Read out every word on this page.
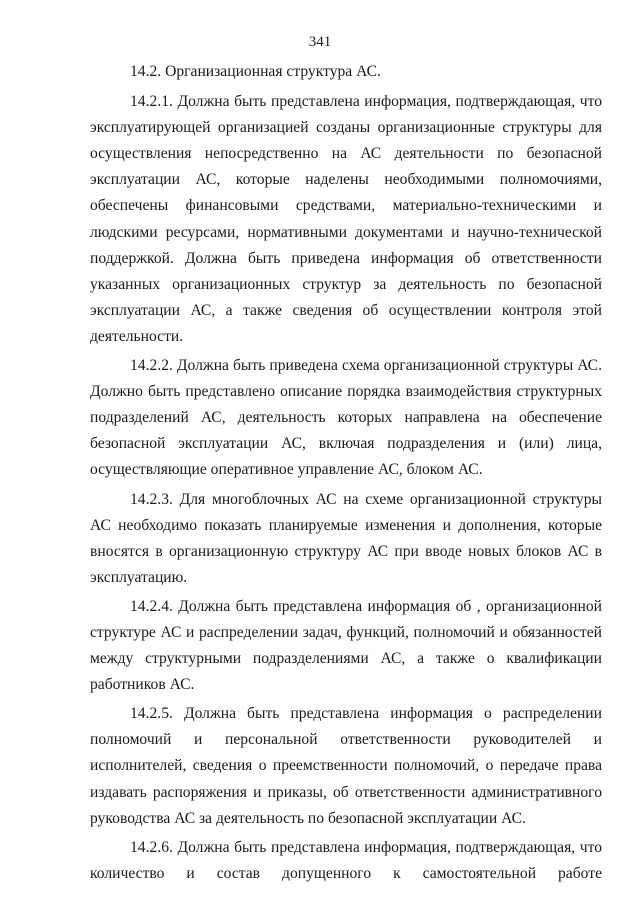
341

14.2. Организационная структура АС.

14.2.1. Должна быть представлена информация, подтверждающая, что эксплуатирующей организацией созданы организационные структуры для осуществления непосредственно на АС деятельности по безопасной эксплуатации АС, которые наделены необходимыми полномочиями, обеспечены финансовыми средствами, материально-техническими и людскими ресурсами, нормативными документами и научно-технической поддержкой. Должна быть приведена информация об ответственности указанных организационных структур за деятельность по безопасной эксплуатации АС, а также сведения об осуществлении контроля этой деятельности.

14.2.2. Должна быть приведена схема организационной структуры АС. Должно быть представлено описание порядка взаимодействия структурных подразделений АС, деятельность которых направлена на обеспечение безопасной эксплуатации АС, включая подразделения и (или) лица, осуществляющие оперативное управление АС, блоком АС.

14.2.3. Для многоблочных АС на схеме организационной структуры АС необходимо показать планируемые изменения и дополнения, которые вносятся в организационную структуру АС при вводе новых блоков АС в эксплуатацию.

14.2.4. Должна быть представлена информация об , организационной структуре АС и распределении задач, функций, полномочий и обязанностей между структурными подразделениями АС, а также о квалификации работников АС.

14.2.5. Должна быть представлена информация о распределении полномочий и персональной ответственности руководителей и исполнителей, сведения о преемственности полномочий, о передаче права издавать распоряжения и приказы, об ответственности административного руководства АС за деятельность по безопасной эксплуатации АС.

14.2.6. Должна быть представлена информация, подтверждающая, что количество и состав допущенного к самостоятельной работе
